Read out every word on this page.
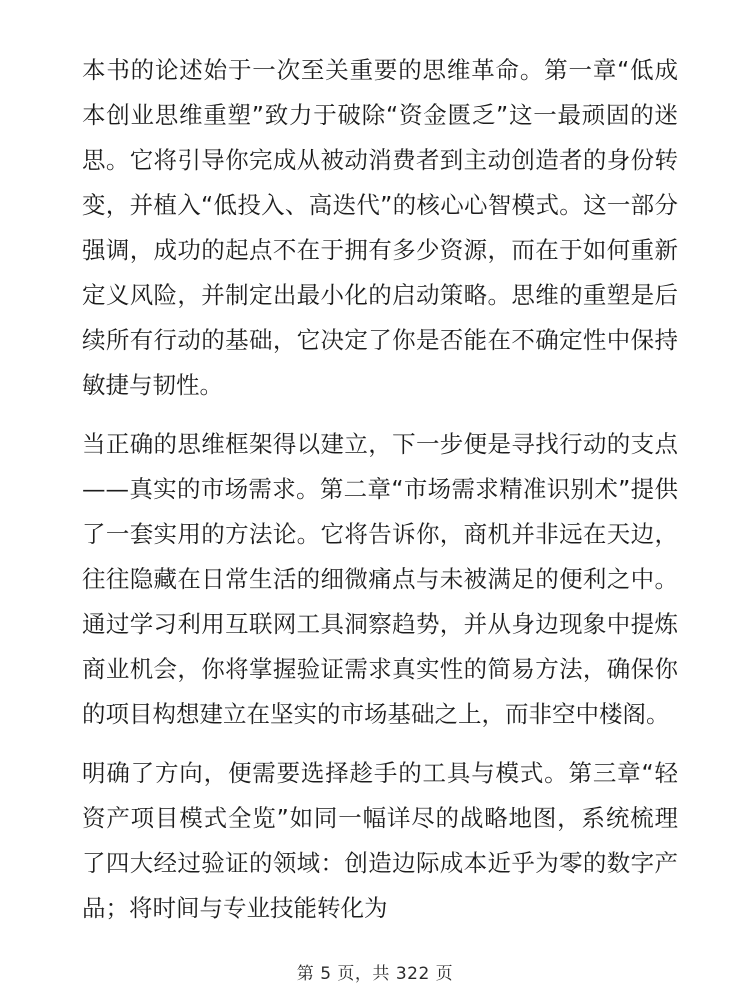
本书的论述始于一次至关重要的思维革命。第一章“低成本创业思维重塑”致力于破除“资金匮乏”这一最顽固的迷思。它将引导你完成从被动消费者到主动创造者的身份转变，并植入“低投入、高迭代”的核心心智模式。这一部分强调，成功的起点不在于拥有多少资源，而在于如何重新定义风险，并制定出最小化的启动策略。思维的重塑是后续所有行动的基础，它决定了你是否能在不确定性中保持敏捷与韧性。

当正确的思维框架得以建立，下一步便是寻找行动的支点——真实的市场需求。第二章“市场需求精准识别术”提供了一套实用的方法论。它将告诉你，商机并非远在天边，往往隐藏在日常生活的细微痛点与未被满足的便利之中。通过学习利用互联网工具洞察趋势，并从身边现象中提炼商业机会，你将掌握验证需求真实性的简易方法，确保你的项目构想建立在坚实的市场基础之上，而非空中楼阁。

明确了方向，便需要选择趁手的工具与模式。第三章“轻资产项目模式全览”如同一幅详尽的战略地图，系统梳理了四大经过验证的领域：创造边际成本近乎为零的数字产品；将时间与专业技能转化为

第 5 页，共 322 页
